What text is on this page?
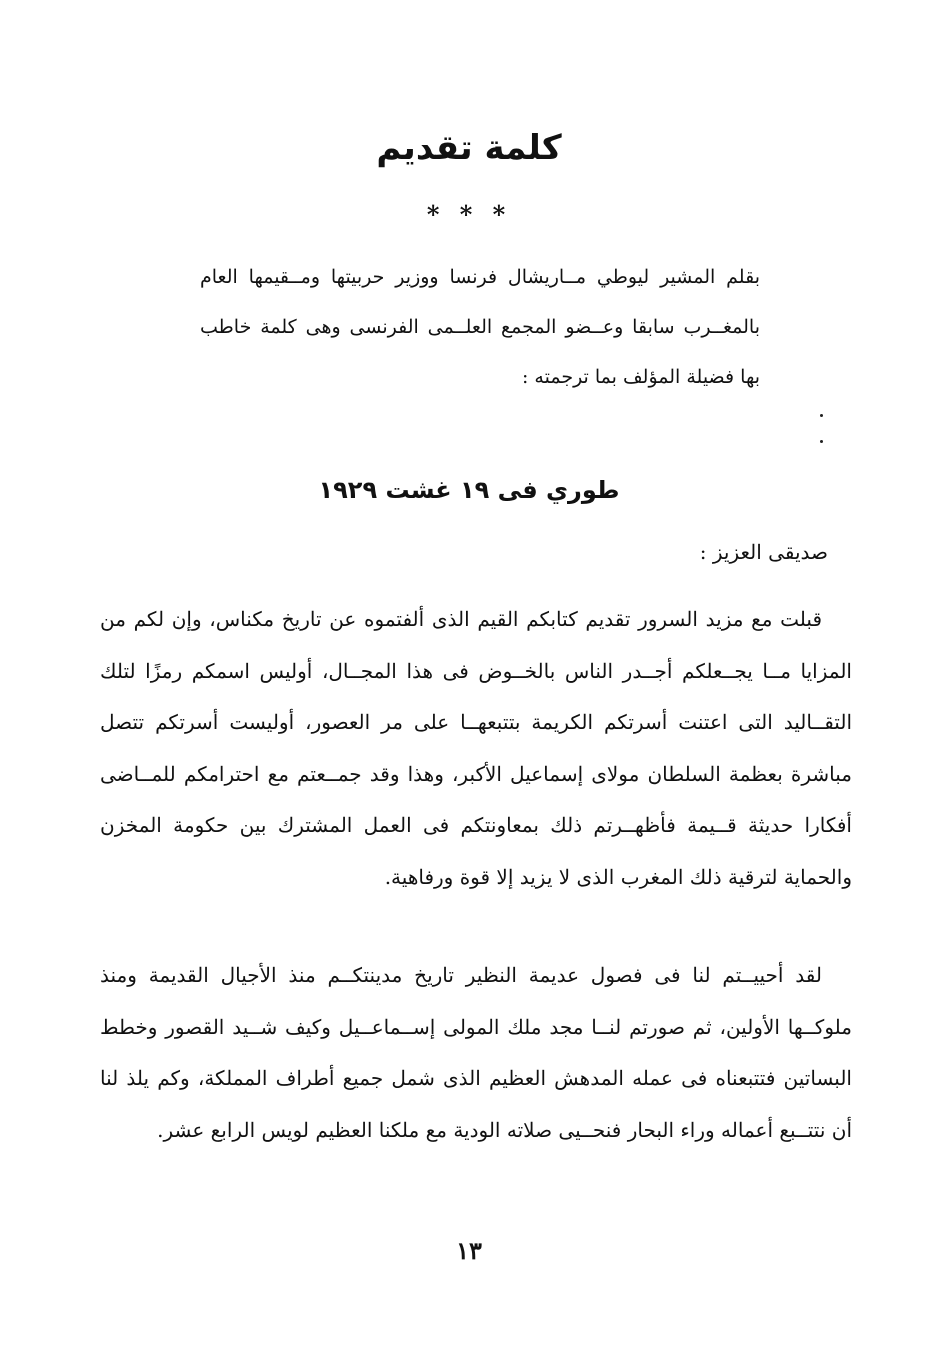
كلمة تقديم
* * *

بقلم المشير ليوطي مــاريشال فرنسا ووزير حربيتها ومــقيمها العام بالمغــرب سابقا وعــضو المجمع العلــمى الفرنسى وهى كلمة خاطب بها فضيلة المؤلف بما ترجمته :

طوري فى ١٩ غشت ١٩٢٩
صديقى العزيز :

قبلت مع مزيد السرور تقديم كتابكم القيم الذى ألفتموه عن تاريخ مكناس، وإن لكم من المزايا مــا يجــعلكم أجــدر الناس بالخــوض فى هذا المجــال، أوليس اسمكم رمزًا لتلك التقــاليد التى اعتنت أسرتكم الكريمة بتتبعهــا على مر العصور، أوليست أسرتكم تتصل مباشرة بعظمة السلطان مولاى إسماعيل الأكبر، وهذا وقد جمــعتم مع احترامكم للمــاضى أفكارا حديثة قــيمة فأظهــرتم ذلك بمعاونتكم فى العمل المشترك بين حكومة المخزن والحماية لترقية ذلك المغرب الذى لا يزيد إلا قوة ورفاهية.

لقد أحييــتم لنا فى فصول عديمة النظير تاريخ مدينتكــم منذ الأجيال القديمة ومنذ ملوكــها الأولين، ثم صورتم لنــا مجد ملك المولى إســماعــيل وكيف شــيد القصور وخطط البساتين فتتبعناه فى عمله المدهش العظيم الذى شمل جميع أطراف المملكة، وكم يلذ لنا أن نتتــبع أعماله وراء البحار فنحــيى صلاته الودية مع ملكنا العظيم لويس الرابع عشر.

١٣
